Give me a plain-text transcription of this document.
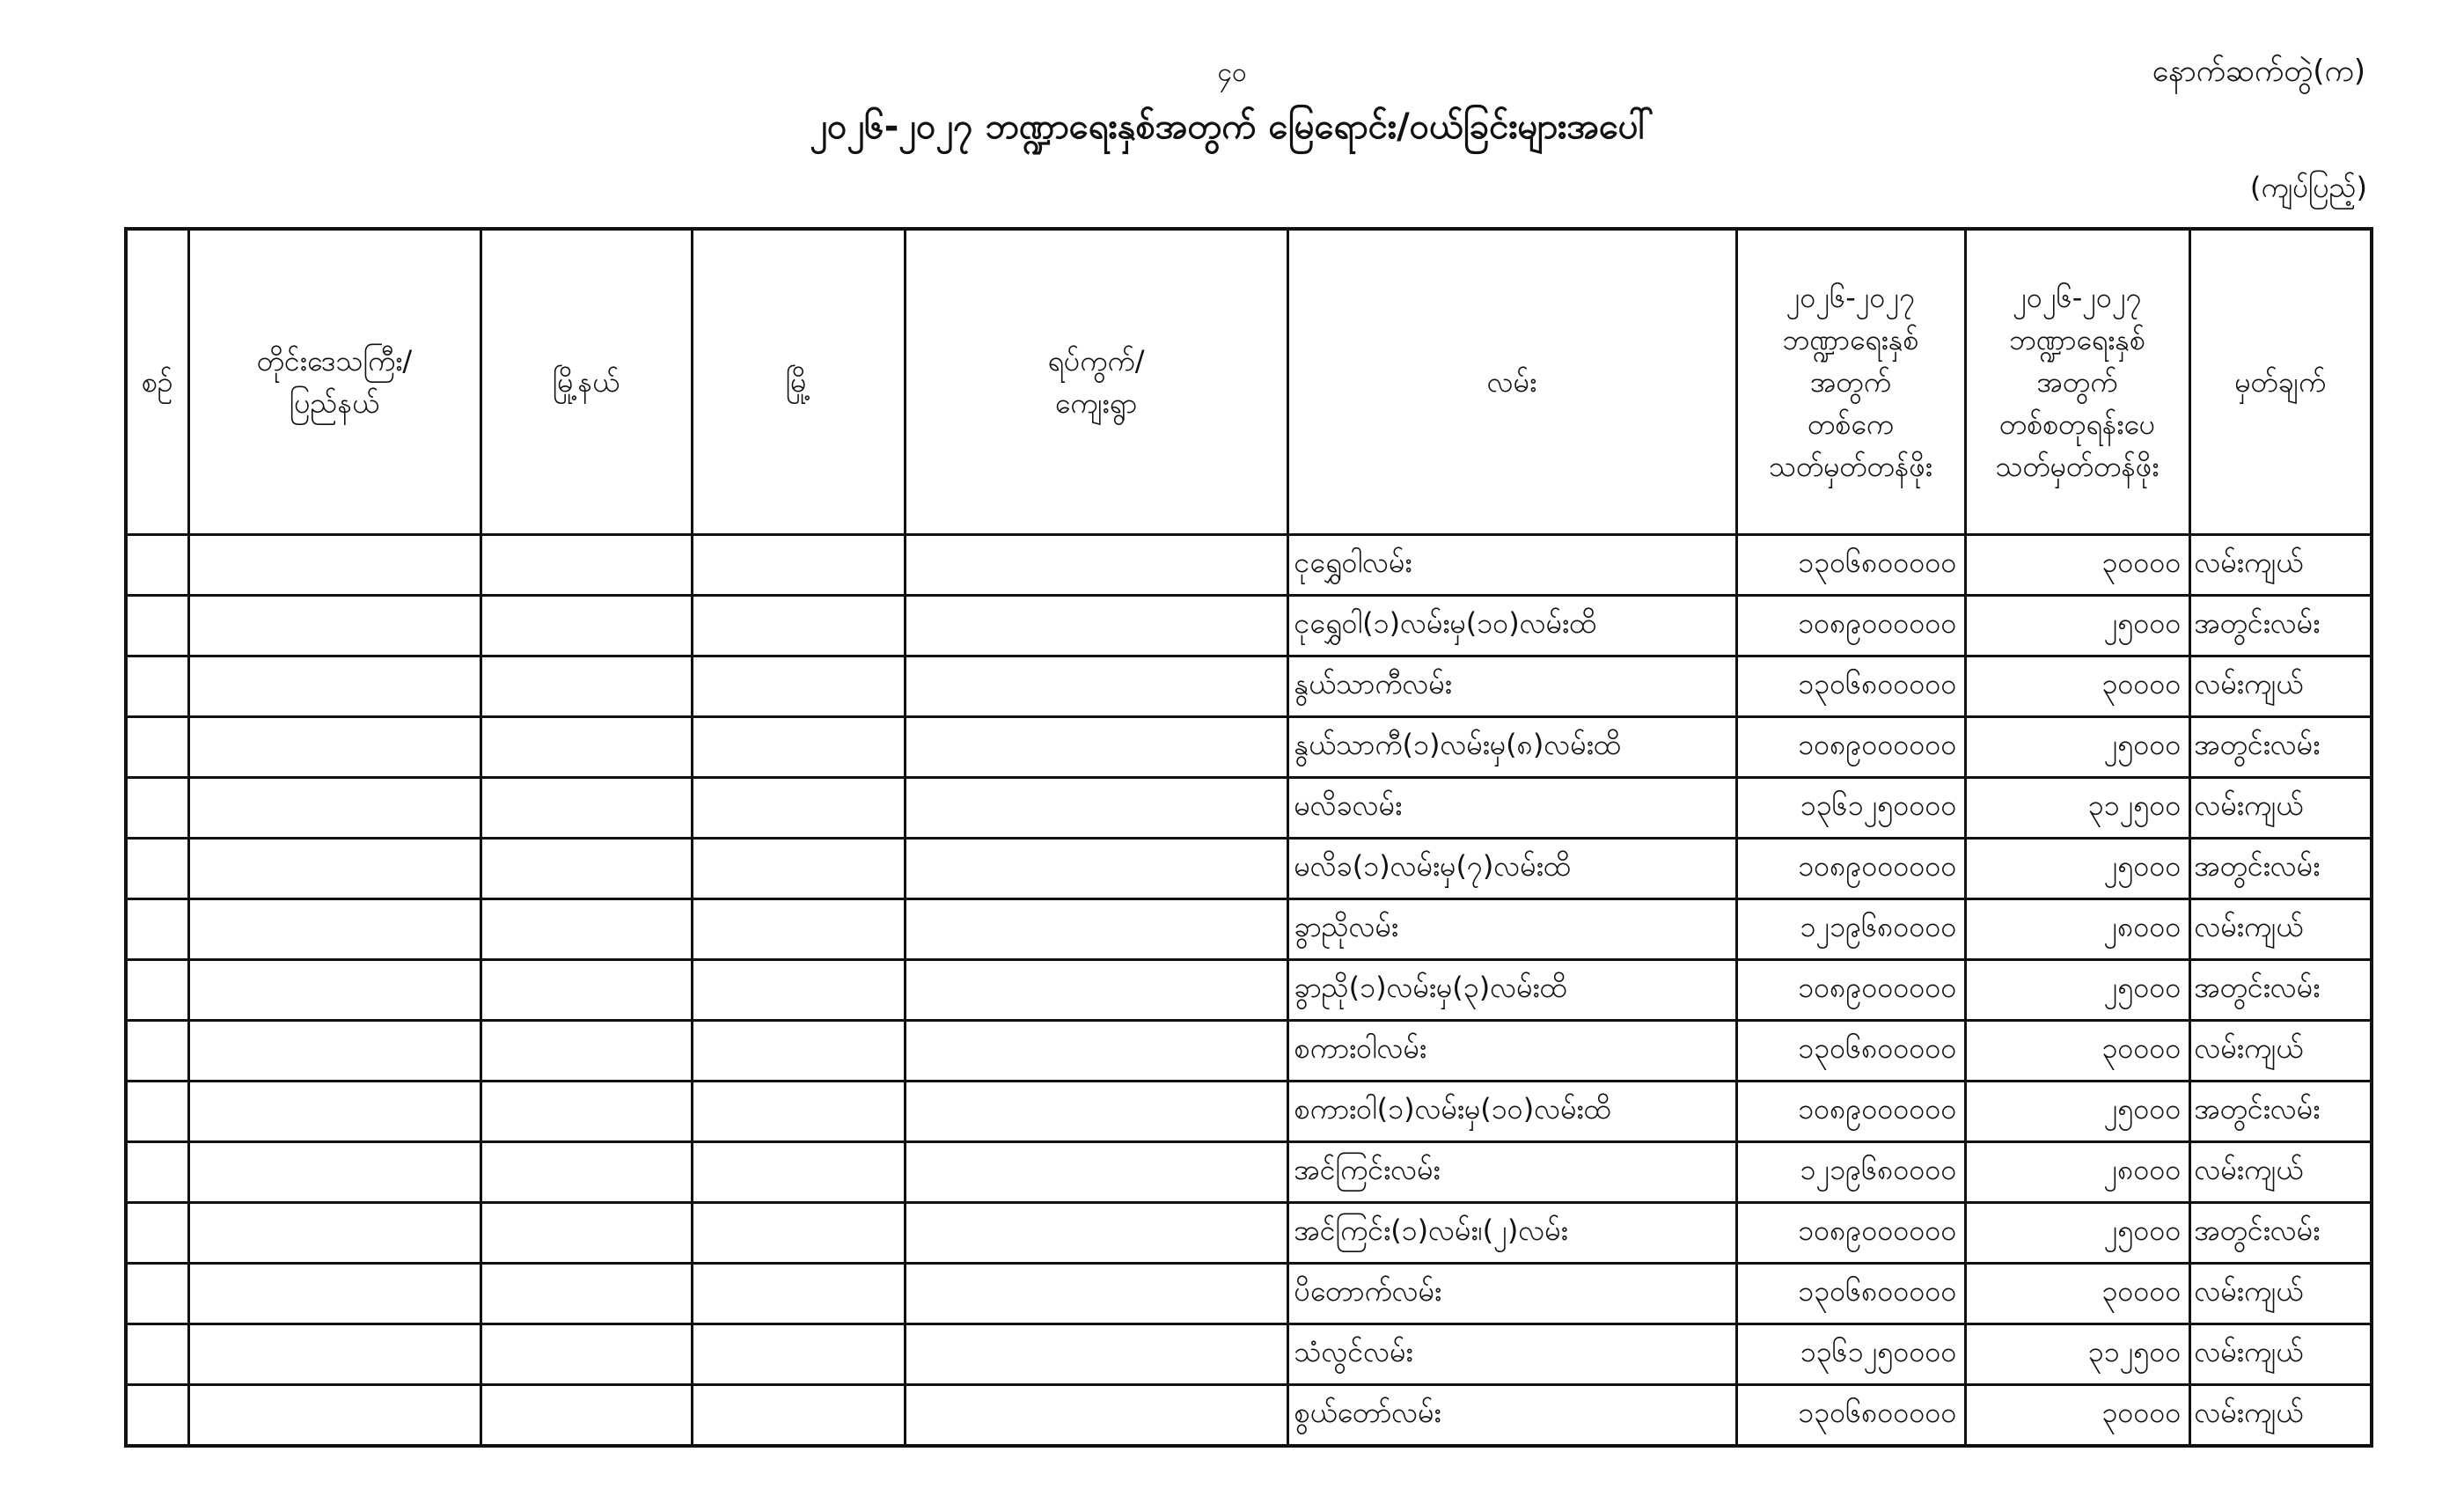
၄၀	နောက်ဆက်တွဲ(က)
၂၀၂၆-၂၀၂၇ ဘဏ္ဍာရေးနှစ်အတွက် မြေရောင်း/ဝယ်ခြင်းများအပေါ်
(ကျပ်ပြည့်)
စဉ်	တိုင်းဒေသကြီး/
ပြည်နယ်	မြို့နယ်	မြို့	ရပ်ကွက်/
ကျေးရွာ	လမ်း	၂၀၂၆-၂၀၂၇
ဘဏ္ဍာရေးနှစ်
အတွက်
တစ်ကေ
သတ်မှတ်တန်ဖိုး	၂၀၂၆-၂၀၂၇
ဘဏ္ဍာရေးနှစ်
အတွက်
တစ်စတုရန်းပေ
သတ်မှတ်တန်ဖိုး	မှတ်ချက်
					ငုရွှေဝါလမ်း	၁၃၀၆၈၀၀၀၀၀	၃၀၀၀၀	လမ်းကျယ်
					ငုရွှေဝါ(၁)လမ်းမှ(၁၀)လမ်းထိ	၁၀၈၉၀၀၀၀၀၀	၂၅၀၀၀	အတွင်းလမ်း
					နွယ်သာကီလမ်း	၁၃၀၆၈၀၀၀၀၀	၃၀၀၀၀	လမ်းကျယ်
					နွယ်သာကီ(၁)လမ်းမှ(၈)လမ်းထိ	၁၀၈၉၀၀၀၀၀၀	၂၅၀၀၀	အတွင်းလမ်း
					မလိခလမ်း	၁၃၆၁၂၅၀၀၀၀	၃၁၂၅၀၀	လမ်းကျယ်
					မလိခ(၁)လမ်းမှ(၇)လမ်းထိ	၁၀၈၉၀၀၀၀၀၀	၂၅၀၀၀	အတွင်းလမ်း
					ခွာညိုလမ်း	၁၂၁၉၆၈၀၀၀၀	၂၈၀၀၀	လမ်းကျယ်
					ခွာညို(၁)လမ်းမှ(၃)လမ်းထိ	၁၀၈၉၀၀၀၀၀၀	၂၅၀၀၀	အတွင်းလမ်း
					စကားဝါလမ်း	၁၃၀၆၈၀၀၀၀၀	၃၀၀၀၀	လမ်းကျယ်
					စကားဝါ(၁)လမ်းမှ(၁၀)လမ်းထိ	၁၀၈၉၀၀၀၀၀၀	၂၅၀၀၀	အတွင်းလမ်း
					အင်ကြင်းလမ်း	၁၂၁၉၆၈၀၀၀၀	၂၈၀၀၀	လမ်းကျယ်
					အင်ကြင်း(၁)လမ်း၊(၂)လမ်း	၁၀၈၉၀၀၀၀၀၀	၂၅၀၀၀	အတွင်းလမ်း
					ပိတောက်လမ်း	၁၃၀၆၈၀၀၀၀၀	၃၀၀၀၀	လမ်းကျယ်
					သံလွင်လမ်း	၁၃၆၁၂၅၀၀၀၀	၃၁၂၅၀၀	လမ်းကျယ်
					စွယ်တော်လမ်း	၁၃၀၆၈၀၀၀၀၀	၃၀၀၀၀	လမ်းကျယ်
